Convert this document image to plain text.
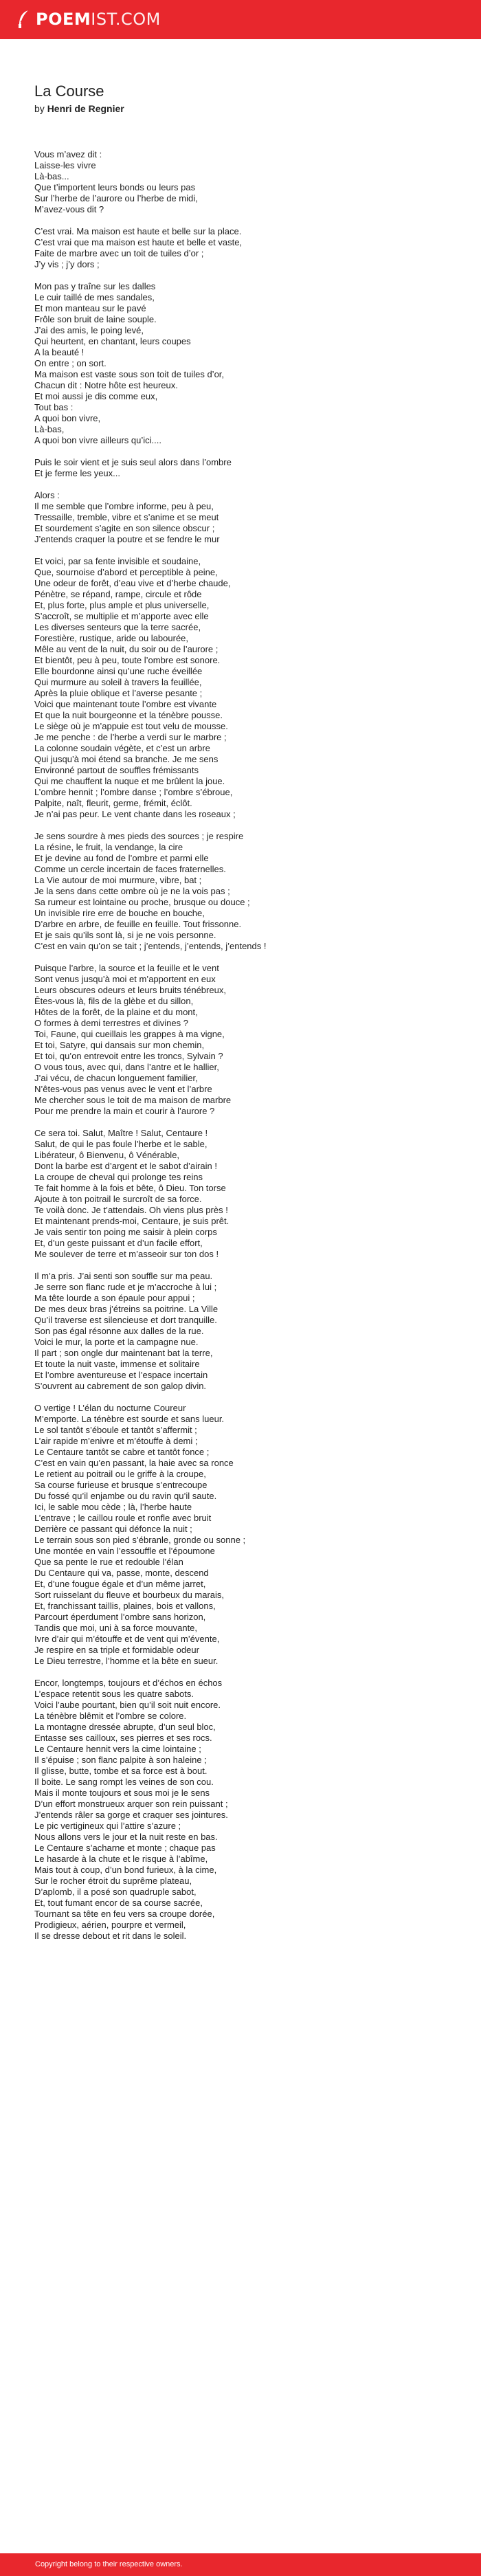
POEMIST.COM
La Course
by Henri de Regnier
Vous m’avez dit :
Laisse-les vivre
Là-bas...
Que t’importent leurs bonds ou leurs pas
Sur l’herbe de l’aurore ou l’herbe de midi,
M’avez-vous dit ?
C’est vrai. Ma maison est haute et belle sur la place.
C’est vrai que ma maison est haute et belle et vaste,
Faite de marbre avec un toit de tuiles d’or ;
J’y vis ; j’y dors ;
Mon pas y traîne sur les dalles
Le cuir taillé de mes sandales,
Et mon manteau sur le pavé
Frôle son bruit de laine souple.
J’ai des amis, le poing levé,
Qui heurtent, en chantant, leurs coupes
A la beauté !
On entre ; on sort.
Ma maison est vaste sous son toit de tuiles d’or,
Chacun dit : Notre hôte est heureux.
Et moi aussi je dis comme eux,
Tout bas :
A quoi bon vivre,
Là-bas,
A quoi bon vivre ailleurs qu’ici....
Puis le soir vient et je suis seul alors dans l’ombre
Et je ferme les yeux...
Alors :
Il me semble que l’ombre informe, peu à peu,
Tressaille, tremble, vibre et s’anime et se meut
Et sourdement s’agite en son silence obscur ;
J’entends craquer la poutre et se fendre le mur
Et voici, par sa fente invisible et soudaine,
Que, sournoise d’abord et perceptible à peine,
Une odeur de forêt, d’eau vive et d’herbe chaude,
Pénètre, se répand, rampe, circule et rôde
Et, plus forte, plus ample et plus universelle,
S’accroît, se multiplie et m’apporte avec elle
Les diverses senteurs que la terre sacrée,
Forestière, rustique, aride ou labourée,
Mêle au vent de la nuit, du soir ou de l’aurore ;
Et bientôt, peu à peu, toute l’ombre est sonore.
Elle bourdonne ainsi qu’une ruche éveillée
Qui murmure au soleil à travers la feuillée,
Après la pluie oblique et l’averse pesante ;
Voici que maintenant toute l’ombre est vivante
Et que la nuit bourgeonne et la ténèbre pousse.
Le siège où je m’appuie est tout velu de mousse.
Je me penche : de l’herbe a verdi sur le marbre ;
La colonne soudain végète, et c’est un arbre
Qui jusqu’à moi étend sa branche. Je me sens
Environné partout de souffles frémissants
Qui me chauffent la nuque et me brûlent la joue.
L’ombre hennit ; l’ombre danse ; l’ombre s’ébroue,
Palpite, naît, fleurit, germe, frémit, éclôt.
Je n’ai pas peur. Le vent chante dans les roseaux ;
Je sens sourdre à mes pieds des sources ; je respire
La résine, le fruit, la vendange, la cire
Et je devine au fond de l’ombre et parmi elle
Comme un cercle incertain de faces fraternelles.
La Vie autour de moi murmure, vibre, bat ;
Je la sens dans cette ombre où je ne la vois pas ;
Sa rumeur est lointaine ou proche, brusque ou douce ;
Un invisible rire erre de bouche en bouche,
D’arbre en arbre, de feuille en feuille. Tout frissonne.
Et je sais qu’ils sont là, si je ne vois personne.
C’est en vain qu’on se tait ; j’entends, j’entends, j’entends !
Puisque l’arbre, la source et la feuille et le vent
Sont venus jusqu’à moi et m’apportent en eux
Leurs obscures odeurs et leurs bruits ténébreux,
Êtes-vous là, fils de la glèbe et du sillon,
Hôtes de la forêt, de la plaine et du mont,
O formes à demi terrestres et divines ?
Toi, Faune, qui cueillais les grappes à ma vigne,
Et toi, Satyre, qui dansais sur mon chemin,
Et toi, qu’on entrevoit entre les troncs, Sylvain ?
O vous tous, avec qui, dans l’antre et le hallier,
J’ai vécu, de chacun longuement familier,
N’êtes-vous pas venus avec le vent et l’arbre
Me chercher sous le toit de ma maison de marbre
Pour me prendre la main et courir à l’aurore ?
Ce sera toi. Salut, Maître ! Salut, Centaure !
Salut, de qui le pas foule l’herbe et le sable,
Libérateur, ô Bienvenu, ô Vénérable,
Dont la barbe est d’argent et le sabot d’airain !
La croupe de cheval qui prolonge tes reins
Te fait homme à la fois et bête, ô Dieu. Ton torse
Ajoute à ton poitrail le surcroît de sa force.
Te voilà donc. Je t’attendais. Oh viens plus près !
Et maintenant prends-moi, Centaure, je suis prêt.
Je vais sentir ton poing me saisir à plein corps
Et, d’un geste puissant et d’un facile effort,
Me soulever de terre et m’asseoir sur ton dos !
Il m’a pris. J’ai senti son souffle sur ma peau.
Je serre son flanc rude et je m’accroche à lui ;
Ma tête lourde a son épaule pour appui ;
De mes deux bras j’étreins sa poitrine. La Ville
Qu’il traverse est silencieuse et dort tranquille.
Son pas égal résonne aux dalles de la rue.
Voici le mur, la porte et la campagne nue.
Il part ; son ongle dur maintenant bat la terre,
Et toute la nuit vaste, immense et solitaire
Et l’ombre aventureuse et l’espace incertain
S’ouvrent au cabrement de son galop divin.
O vertige ! L’élan du nocturne Coureur
M’emporte. La ténèbre est sourde et sans lueur.
Le sol tantôt s’éboule et tantôt s’affermit ;
L’air rapide m’enivre et m’étouffe à demi ;
Le Centaure tantôt se cabre et tantôt fonce ;
C’est en vain qu’en passant, la haie avec sa ronce
Le retient au poitrail ou le griffe à la croupe,
Sa course furieuse et brusque s’entrecoupe
Du fossé qu’il enjambe ou du ravin qu’il saute.
Ici, le sable mou cède ; là, l’herbe haute
L’entrave ; le caillou roule et ronfle avec bruit
Derrière ce passant qui défonce la nuit ;
Le terrain sous son pied s’ébranle, gronde ou sonne ;
Une montée en vain l’essouffle et l’époumone
Que sa pente le rue et redouble l’élan
Du Centaure qui va, passe, monte, descend
Et, d’une fougue égale et d’un même jarret,
Sort ruisselant du fleuve et bourbeux du marais,
Et, franchissant taillis, plaines, bois et vallons,
Parcourt éperdument l’ombre sans horizon,
Tandis que moi, uni à sa force mouvante,
Ivre d’air qui m’étouffe et de vent qui m’évente,
Je respire en sa triple et formidable odeur
Le Dieu terrestre, l’homme et la bête en sueur.
Encor, longtemps, toujours et d’échos en échos
L’espace retentit sous les quatre sabots.
Voici l’aube pourtant, bien qu’il soit nuit encore.
La ténèbre blêmit et l’ombre se colore.
La montagne dressée abrupte, d’un seul bloc,
Entasse ses cailloux, ses pierres et ses rocs.
Le Centaure hennit vers la cime lointaine ;
Il s’épuise ; son flanc palpite à son haleine ;
Il glisse, butte, tombe et sa force est à bout.
Il boite. Le sang rompt les veines de son cou.
Mais il monte toujours et sous moi je le sens
D’un effort monstrueux arquer son rein puissant ;
J’entends râler sa gorge et craquer ses jointures.
Le pic vertigineux qui l’attire s’azure ;
Nous allons vers le jour et la nuit reste en bas.
Le Centaure s’acharne et monte ; chaque pas
Le hasarde à la chute et le risque à l’abîme,
Mais tout à coup, d’un bond furieux, à la cime,
Sur le rocher étroit du suprême plateau,
D’aplomb, il a posé son quadruple sabot,
Et, tout fumant encor de sa course sacrée,
Tournant sa tête en feu vers sa croupe dorée,
Prodigieux, aérien, pourpre et vermeil,
Il se dresse debout et rit dans le soleil.
Copyright belong to their respective owners.
